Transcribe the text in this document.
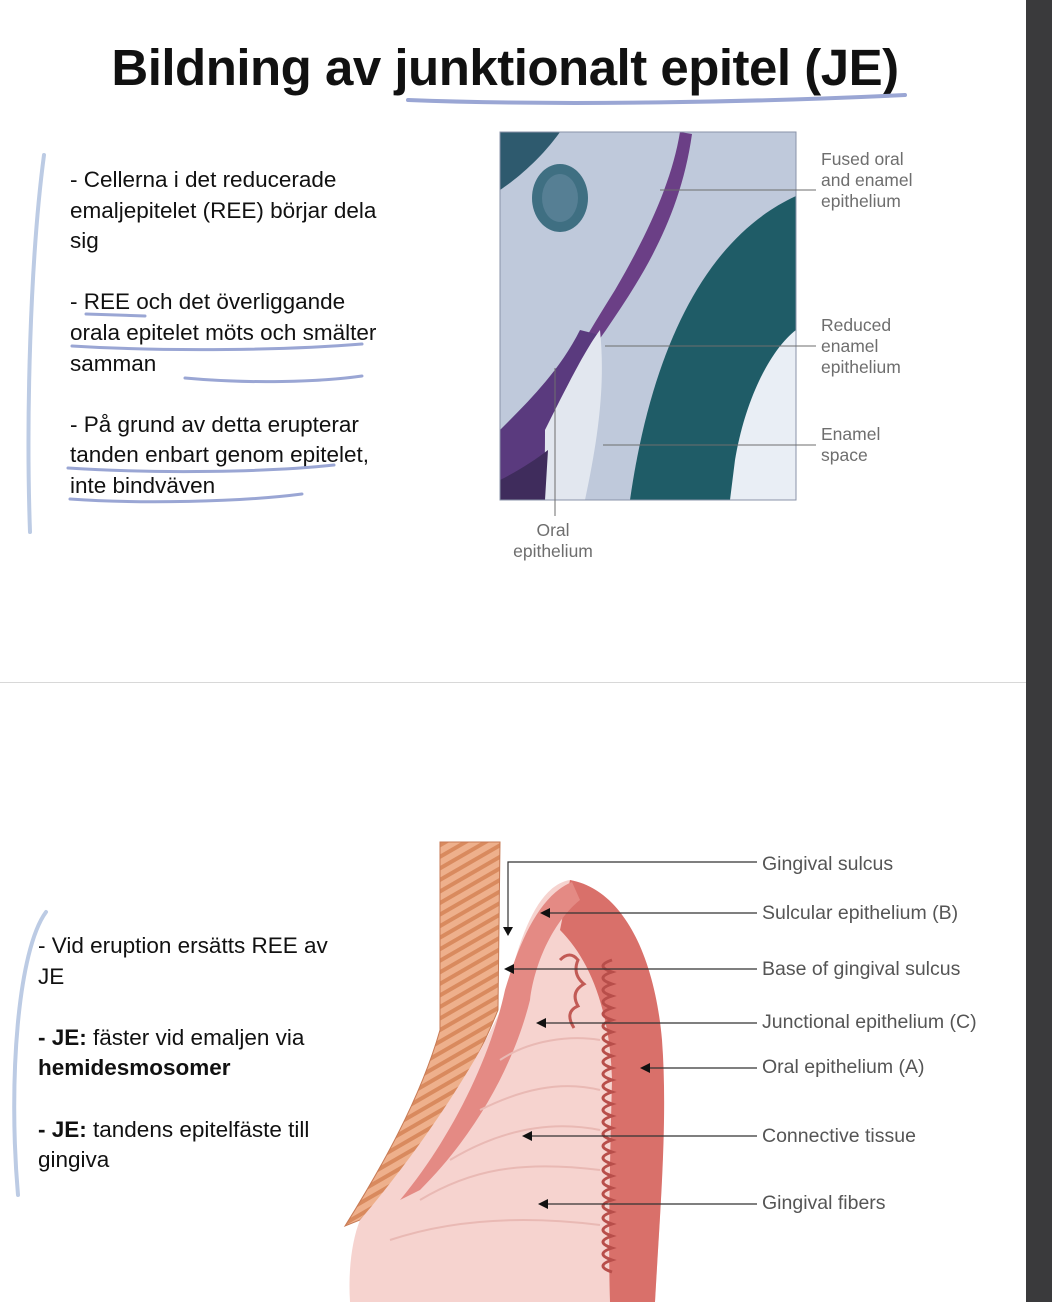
Bildning av junktionalt epitel (JE)

- Cellerna i det reducerade emaljepitelet (REE) börjar dela sig

- REE och det överliggande orala epitelet möts och smälter samman

- På grund av detta erupterar tanden enbart genom epitelet, inte bindväven

- Vid eruption ersätts REE av JE

- JE: fäster vid emaljen via hemidesmosomer

- JE: tandens epitelfäste till gingiva

Fused oral and enamel epithelium
Reduced enamel epithelium
Enamel space
Oral epithelium
Gingival sulcus
Sulcular epithelium (B)
Base of gingival sulcus
Junctional epithelium (C)
Oral epithelium (A)
Connective tissue
Gingival fibers
